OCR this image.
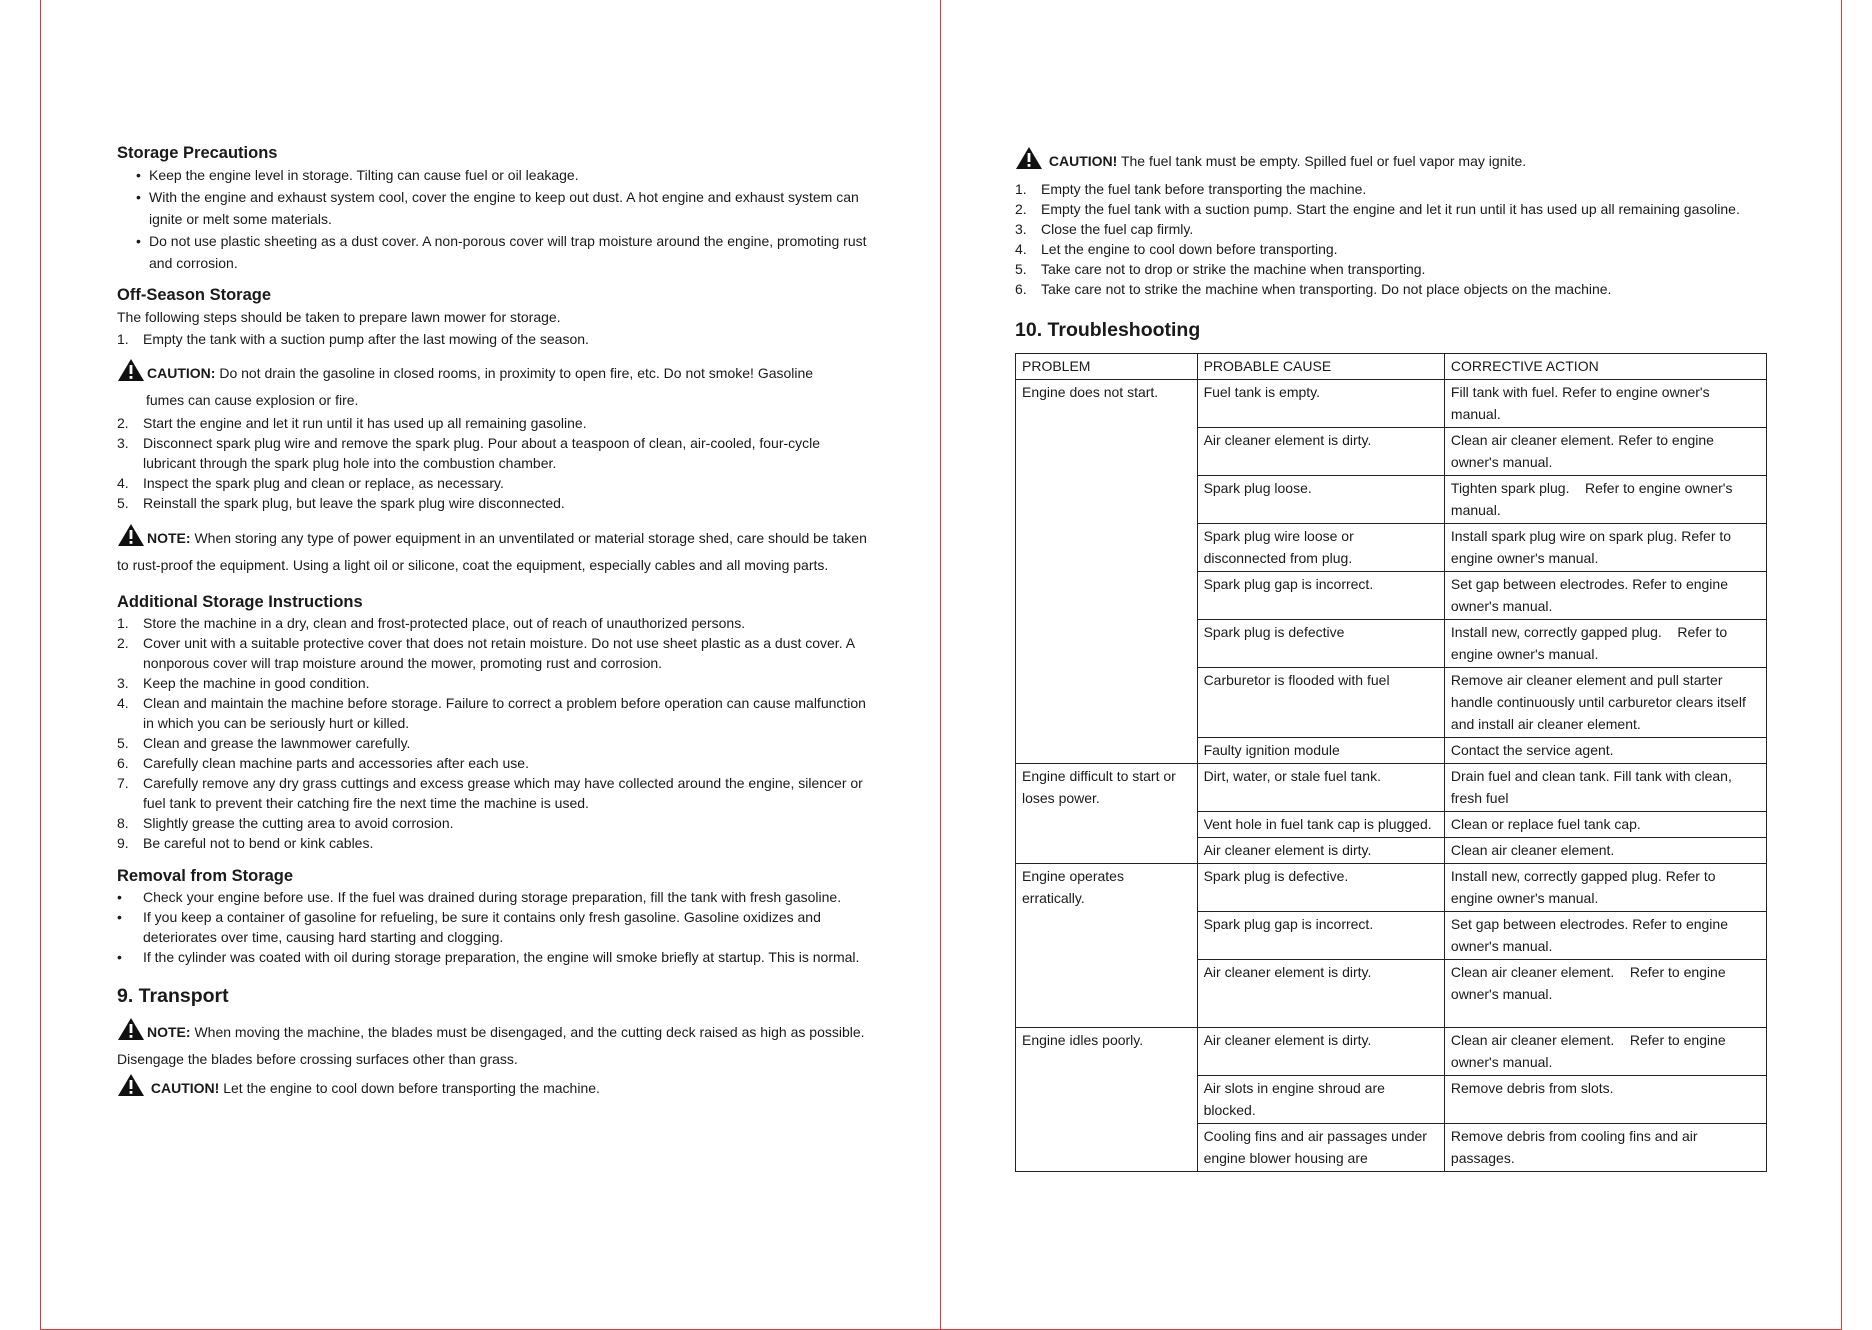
Storage Precautions
• Keep the engine level in storage. Tilting can cause fuel or oil leakage.
• With the engine and exhaust system cool, cover the engine to keep out dust. A hot engine and exhaust system can ignite or melt some materials.
• Do not use plastic sheeting as a dust cover. A non-porous cover will trap moisture around the engine, promoting rust and corrosion.
Off-Season Storage

The following steps should be taken to prepare lawn mower for storage.

1. Empty the tank with a suction pump after the last mowing of the season.
CAUTION: Do not drain the gasoline in closed rooms, in proximity to open fire, etc. Do not smoke! Gasoline
fumes can cause explosion or fire.
2. Start the engine and let it run until it has used up all remaining gasoline.
3. Disconnect spark plug wire and remove the spark plug. Pour about a teaspoon of clean, air-cooled, four-cycle lubricant through the spark plug hole into the combustion chamber.
4. Inspect the spark plug and clean or replace, as necessary.
5. Reinstall the spark plug, but leave the spark plug wire disconnected.
NOTE: When storing any type of power equipment in an unventilated or material storage shed, care should be taken to rust-proof the equipment. Using a light oil or silicone, coat the equipment, especially cables and all moving parts.
Additional Storage Instructions
1. Store the machine in a dry, clean and frost-protected place, out of reach of unauthorized persons.
2. Cover unit with a suitable protective cover that does not retain moisture. Do not use sheet plastic as a dust cover. A nonporous cover will trap moisture around the mower, promoting rust and corrosion.
3. Keep the machine in good condition.
4. Clean and maintain the machine before storage. Failure to correct a problem before operation can cause malfunction in which you can be seriously hurt or killed.
5. Clean and grease the lawnmower carefully.
6. Carefully clean machine parts and accessories after each use.
7. Carefully remove any dry grass cuttings and excess grease which may have collected around the engine, silencer or fuel tank to prevent their catching fire the next time the machine is used.
8. Slightly grease the cutting area to avoid corrosion.
9. Be careful not to bend or kink cables.
Removal from Storage
• Check your engine before use. If the fuel was drained during storage preparation, fill the tank with fresh gasoline.
• If you keep a container of gasoline for refueling, be sure it contains only fresh gasoline. Gasoline oxidizes and deteriorates over time, causing hard starting and clogging.
• If the cylinder was coated with oil during storage preparation, the engine will smoke briefly at startup. This is normal.
9. Transport
NOTE: When moving the machine, the blades must be disengaged, and the cutting deck raised as high as possible. Disengage the blades before crossing surfaces other than grass.
CAUTION! Let the engine to cool down before transporting the machine.
CAUTION! The fuel tank must be empty. Spilled fuel or fuel vapor may ignite.
1. Empty the fuel tank before transporting the machine.
2. Empty the fuel tank with a suction pump. Start the engine and let it run until it has used up all remaining gasoline.
3. Close the fuel cap firmly.
4. Let the engine to cool down before transporting.
5. Take care not to drop or strike the machine when transporting.
6. Take care not to strike the machine when transporting. Do not place objects on the machine.
10. Troubleshooting
PROBLEM	PROBABLE CAUSE	CORRECTIVE ACTION
Engine does not start.	Fuel tank is empty.	Fill tank with fuel. Refer to engine owner's manual.
	Air cleaner element is dirty.	Clean air cleaner element. Refer to engine owner's manual.
	Spark plug loose.	Tighten spark plug.    Refer to engine owner's manual.
	Spark plug wire loose or disconnected from plug.	Install spark plug wire on spark plug. Refer to engine owner's manual.
	Spark plug gap is incorrect.	Set gap between electrodes. Refer to engine owner's manual.
	Spark plug is defective	Install new, correctly gapped plug.    Refer to engine owner's manual.
	Carburetor is flooded with fuel	Remove air cleaner element and pull starter handle continuously until carburetor clears itself and install air cleaner element.
	Faulty ignition module	Contact the service agent.
Engine difficult to start or loses power.	Dirt, water, or stale fuel tank.	Drain fuel and clean tank. Fill tank with clean, fresh fuel
	Vent hole in fuel tank cap is plugged.	Clean or replace fuel tank cap.
	Air cleaner element is dirty.	Clean air cleaner element.
Engine operates erratically.	Spark plug is defective.	Install new, correctly gapped plug. Refer to engine owner's manual.
	Spark plug gap is incorrect.	Set gap between electrodes. Refer to engine owner's manual.
	Air cleaner element is dirty.	Clean air cleaner element.    Refer to engine owner's manual.
Engine idles poorly.	Air cleaner element is dirty.	Clean air cleaner element.    Refer to engine owner's manual.
	Air slots in engine shroud are blocked.	Remove debris from slots.
	Cooling fins and air passages under engine blower housing are	Remove debris from cooling fins and air passages.
